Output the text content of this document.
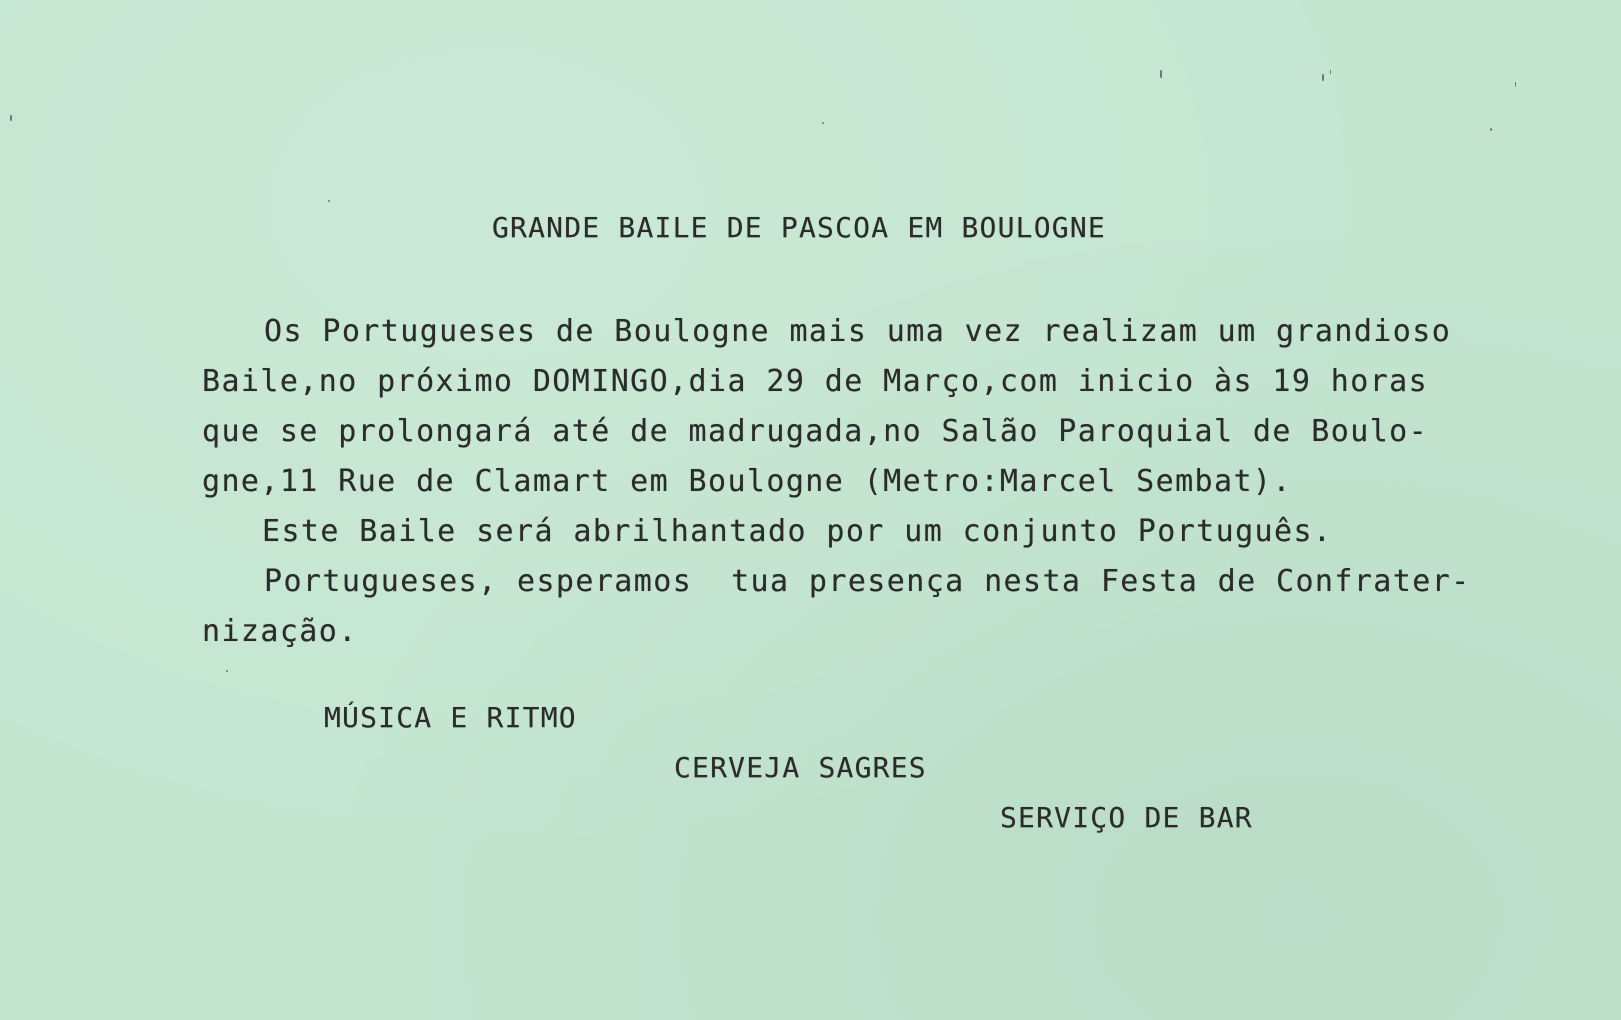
GRANDE BAILE DE PASCOA EM BOULOGNE
Os Portugueses de Boulogne mais uma vez realizam um grandioso
Baile,no próximo DOMINGO,dia 29 de Março,com inicio às 19 horas
que se prolongará até de madrugada,no Salão Paroquial de Boulo-
gne,11 Rue de Clamart em Boulogne (Metro:Marcel Sembat).
Este Baile será abrilhantado por um conjunto Português.
Portugueses, esperamos  tua presença nesta Festa de Confrater-
nização.
MÚSICA E RITMO
CERVEJA SAGRES
SERVIÇO DE BAR
